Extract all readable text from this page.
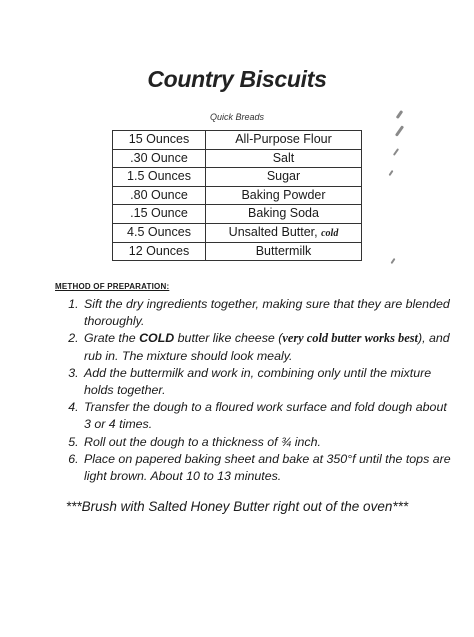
Country Biscuits
Quick Breads
15 Ounces	All-Purpose Flour
.30 Ounce	Salt
1.5 Ounces	Sugar
.80 Ounce	Baking Powder
.15 Ounce	Baking Soda
4.5 Ounces	Unsalted Butter, cold
12 Ounces	Buttermilk
METHOD OF PREPARATION:
1. Sift the dry ingredients together, making sure that they are blended thoroughly.
2. Grate the COLD butter like cheese (very cold butter works best), and rub in. The mixture should look mealy.
3. Add the buttermilk and work in, combining only until the mixture holds together.
4. Transfer the dough to a floured work surface and fold dough about 3 or 4 times.
5. Roll out the dough to a thickness of ¾ inch.
6. Place on papered baking sheet and bake at 350°f until the tops are light brown. About 10 to 13 minutes.
***Brush with Salted Honey Butter right out of the oven***
